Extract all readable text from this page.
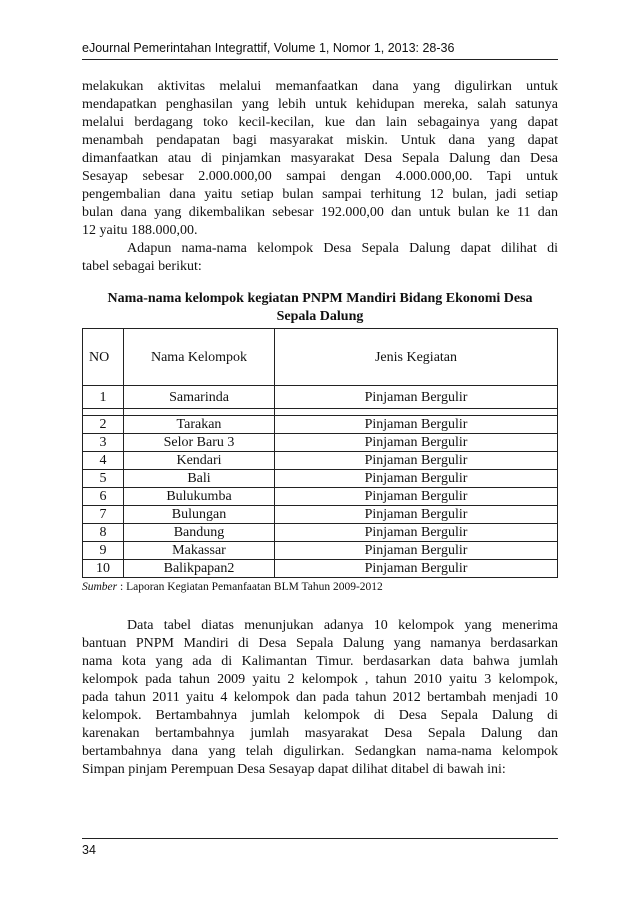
eJournal Pemerintahan Integrattif, Volume 1, Nomor 1, 2013: 28-36
melakukan aktivitas melalui memanfaatkan dana yang digulirkan untuk
mendapatkan penghasilan yang lebih untuk kehidupan mereka, salah satunya
melalui berdagang toko kecil-kecilan, kue dan lain sebagainya yang dapat
menambah pendapatan bagi masyarakat miskin. Untuk dana yang dapat
dimanfaatkan atau di pinjamkan masyarakat Desa Sepala Dalung dan Desa
Sesayap sebesar 2.000.000,00 sampai dengan 4.000.000,00. Tapi untuk
pengembalian dana yaitu setiap bulan sampai terhitung 12 bulan, jadi setiap
bulan dana yang dikembalikan sebesar 192.000,00 dan untuk bulan ke 11 dan
12 yaitu 188.000,00.
Adapun nama-nama kelompok Desa Sepala Dalung dapat dilihat di
tabel sebagai berikut:
Nama-nama kelompok kegiatan PNPM Mandiri Bidang Ekonomi Desa
Sepala Dalung
NO	Nama Kelompok	Jenis Kegiatan
1	Samarinda	Pinjaman Bergulir

2	Tarakan	Pinjaman Bergulir
3	Selor Baru 3	Pinjaman Bergulir
4	Kendari	Pinjaman Bergulir
5	Bali	Pinjaman Bergulir
6	Bulukumba	Pinjaman Bergulir
7	Bulungan	Pinjaman Bergulir
8	Bandung	Pinjaman Bergulir
9	Makassar	Pinjaman Bergulir
10	Balikpapan2	Pinjaman Bergulir
Sumber : Laporan Kegiatan Pemanfaatan BLM Tahun 2009-2012
Data tabel diatas menunjukan adanya 10 kelompok yang menerima
bantuan PNPM Mandiri di Desa Sepala Dalung yang namanya berdasarkan
nama kota yang ada di Kalimantan Timur. berdasarkan data bahwa jumlah
kelompok pada tahun 2009 yaitu 2 kelompok , tahun 2010 yaitu 3 kelompok,
pada tahun 2011 yaitu 4 kelompok dan pada tahun 2012 bertambah menjadi 10
kelompok. Bertambahnya jumlah kelompok di Desa Sepala Dalung di
karenakan bertambahnya jumlah masyarakat Desa Sepala Dalung dan
bertambahnya dana yang telah digulirkan. Sedangkan nama-nama kelompok
Simpan pinjam Perempuan Desa Sesayap dapat dilihat ditabel di bawah ini:
34
